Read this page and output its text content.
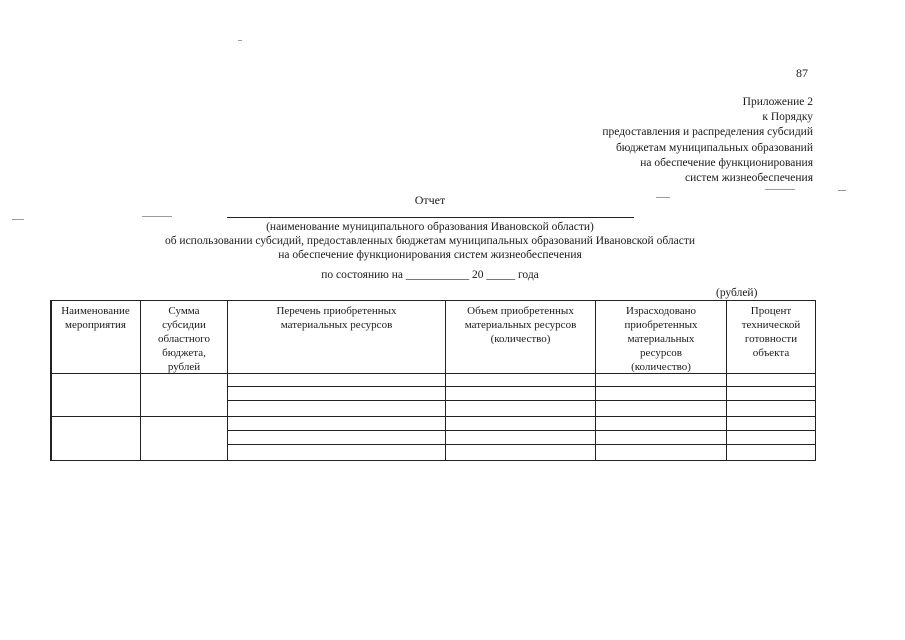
87
Приложение 2
к Порядку
предоставления и распределения субсидий
бюджетам муниципальных образований
на обеспечение функционирования
систем жизнеобеспечения
Отчет
(наименование муниципального образования Ивановской области)
об использовании субсидий, предоставленных бюджетам муниципальных образований Ивановской области
на обеспечение функционирования систем жизнеобеспечения
по состоянию на ___________ 20 _____ года
(рублей)
Наименование
мероприятия
Сумма
субсидии
областного
бюджета,
рублей
Перечень приобретенных
материальных ресурсов
Объем приобретенных
материальных ресурсов
(количество)
Израсходовано
приобретенных
материальных
ресурсов
(количество)
Процент
технической
готовности
объекта
